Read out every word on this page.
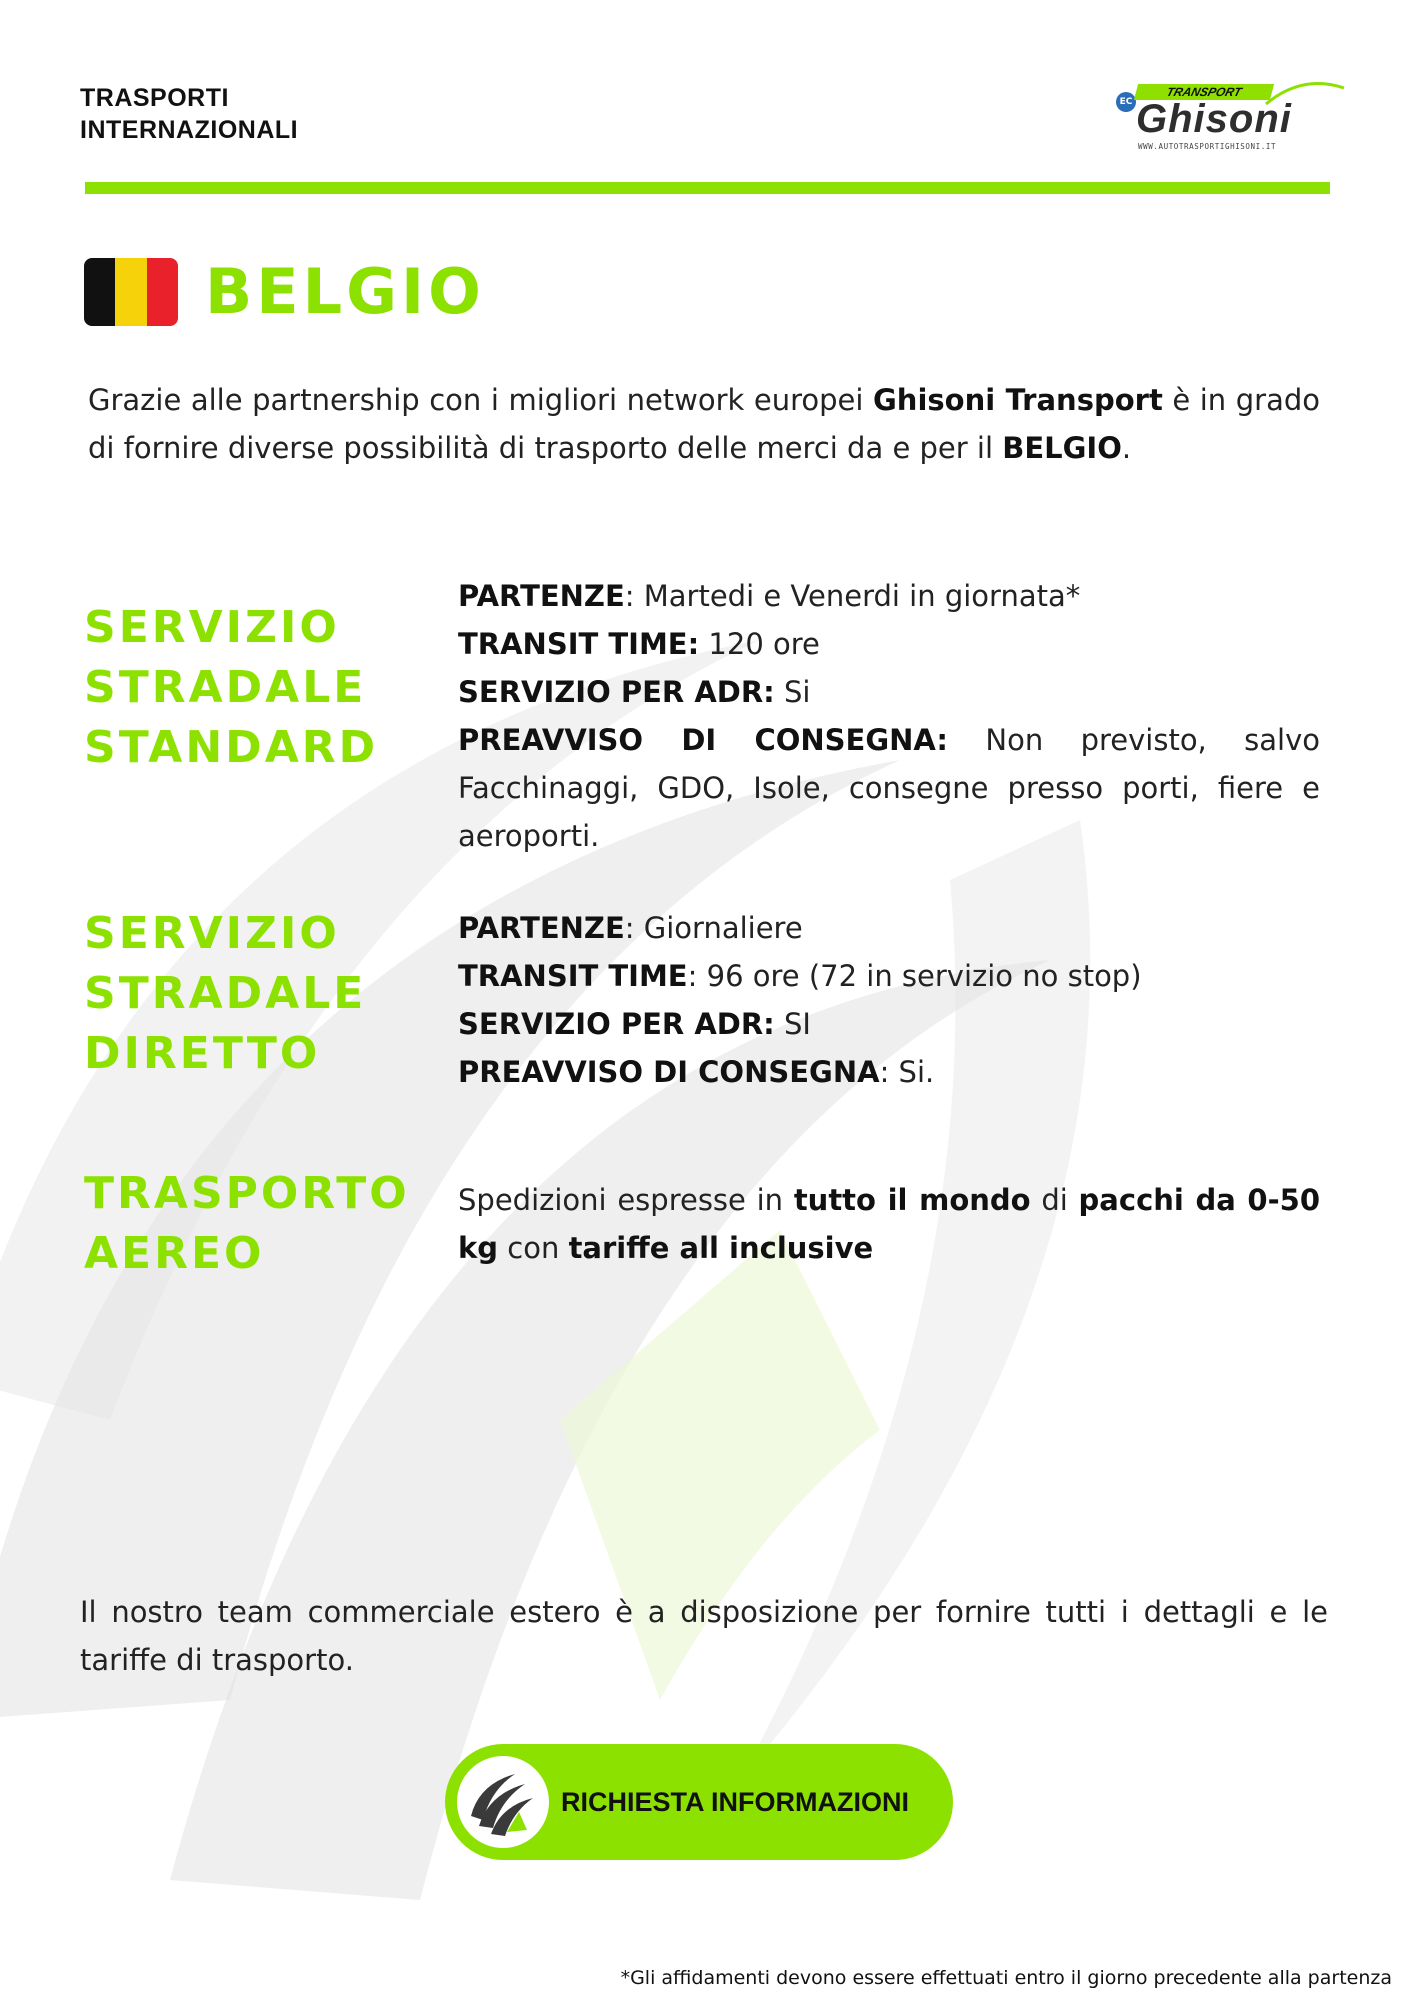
TRASPORTI INTERNAZIONALI
EC
TRANSPORT
Ghisoni
WWW.AUTOTRASPORTIGHISONI.IT
BELGIO
Grazie alle partnership con i migliori network europei Ghisoni Transport è in grado di fornire diverse possibilità di trasporto delle merci da e per il BELGIO.
SERVIZIO
STRADALE
STANDARD
PARTENZE: Martedi e Venerdi in giornata*
TRANSIT TIME: 120 ore
SERVIZIO PER ADR: Si
PREAVVISO DI CONSEGNA: Non previsto, salvo Facchinaggi, GDO, Isole, consegne presso porti, fiere e aeroporti.
SERVIZIO
STRADALE
DIRETTO
PARTENZE: Giornaliere
TRANSIT TIME: 96 ore (72 in servizio no stop)
SERVIZIO PER ADR: SI
PREAVVISO DI CONSEGNA: Si.
TRASPORTO
AEREO
Spedizioni espresse in tutto il mondo di pacchi da 0-50 kg con tariffe all inclusive
Il nostro team commerciale estero è a disposizione per fornire tutti i dettagli e le tariffe di trasporto.
RICHIESTA INFORMAZIONI
*Gli affidamenti devono essere effettuati entro il giorno precedente alla partenza
